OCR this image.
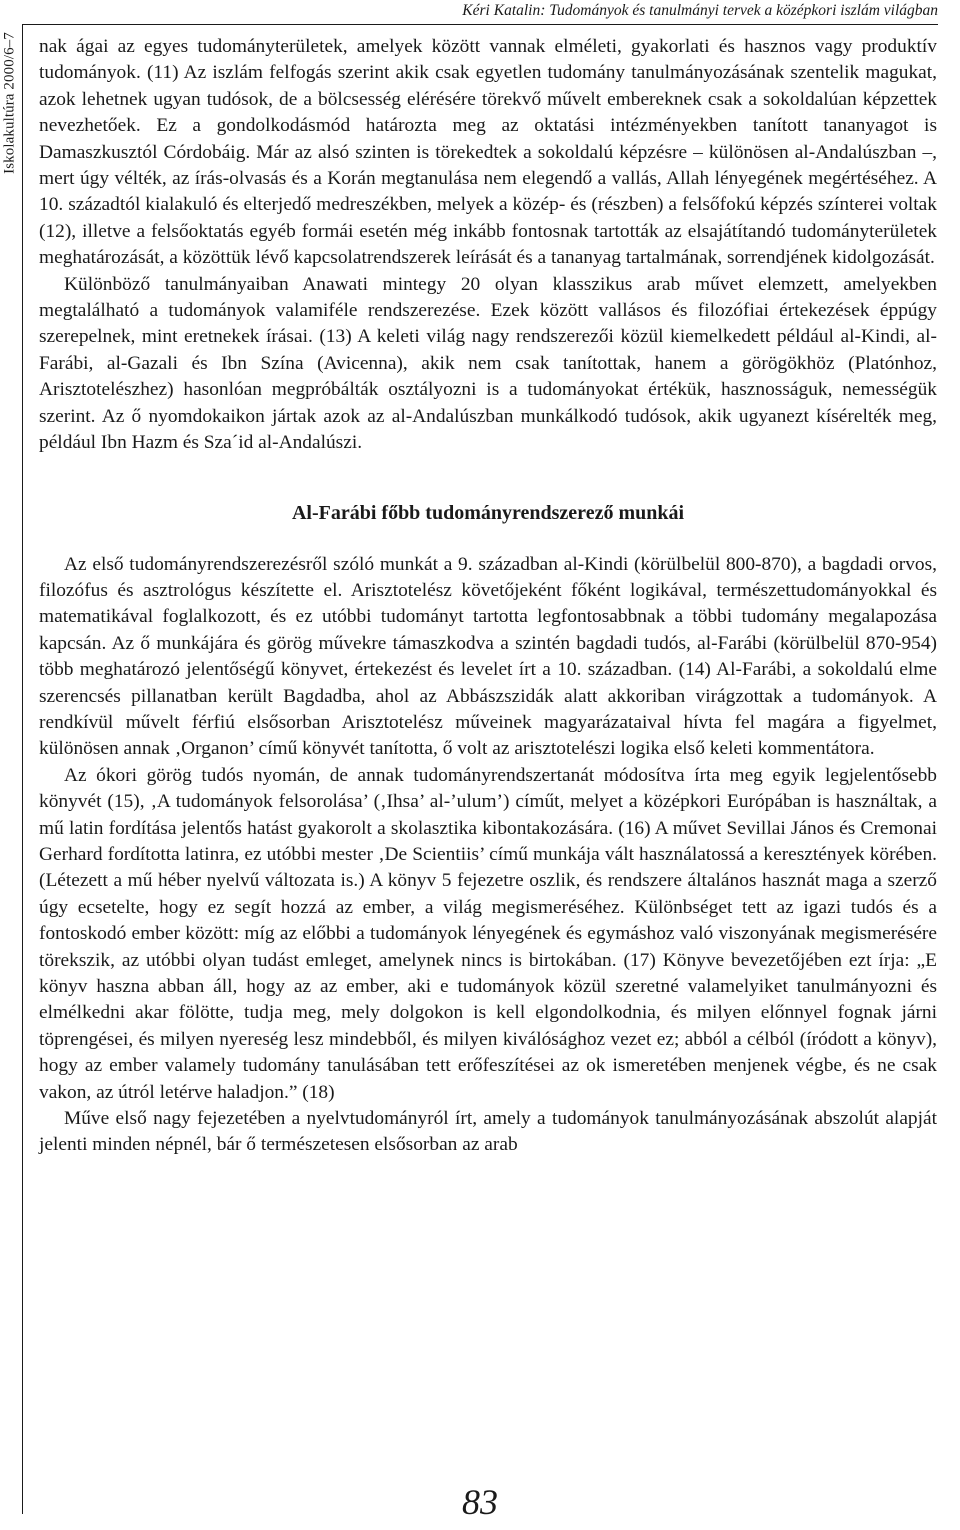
Iskolakultúra 2000/6–7
Kéri Katalin: Tudományok és tanulmányi tervek a középkori iszlám világban

nak ágai az egyes tudományterületek, amelyek között vannak elméleti, gyakorlati és hasznos vagy produktív tudományok. (11) Az iszlám felfogás szerint akik csak egyetlen tudomány tanulmányozásának szentelik magukat, azok lehetnek ugyan tudósok, de a bölcsesség elérésére törekvő művelt embereknek csak a sokoldalúan képzettek nevezhetőek. Ez a gondolkodásmód határozta meg az oktatási intézményekben tanított tananyagot is Damaszkusztól Córdobáig. Már az alsó szinten is törekedtek a sokoldalú képzésre – különösen al-Andalúszban –, mert úgy vélték, az írás-olvasás és a Korán megtanulása nem elegendő a vallás, Allah lényegének megértéséhez. A 10. századtól kialakuló és elterjedő medreszékben, melyek a közép- és (részben) a felsőfokú képzés színterei voltak (12), illetve a felsőoktatás egyéb formái esetén még inkább fontosnak tartották az elsajátítandó tudományterületek meghatározását, a közöttük lévő kapcsolatrendszerek leírását és a tananyag tartalmának, sorrendjének kidolgozását.

Különböző tanulmányaiban Anawati mintegy 20 olyan klasszikus arab művet elemzett, amelyekben megtalálható a tudományok valamiféle rendszerezése. Ezek között vallásos és filozófiai értekezések éppúgy szerepelnek, mint eretnekek írásai. (13) A keleti világ nagy rendszerezői közül kiemelkedett például al-Kindi, al-Farábi, al-Gazali és Ibn Szína (Avicenna), akik nem csak tanítottak, hanem a görögökhöz (Platónhoz, Arisztotelészhez) hasonlóan megpróbálták osztályozni is a tudományokat értékük, hasznosságuk, nemességük szerint. Az ő nyomdokaikon jártak azok az al-Andalúszban munkálkodó tudósok, akik ugyanezt kísérelték meg, például Ibn Hazm és Sza´id al-Andalúszi.

Al-Farábi főbb tudományrendszerező munkái

Az első tudományrendszerezésről szóló munkát a 9. században al-Kindi (körülbelül 800-870), a bagdadi orvos, filozófus és asztrológus készítette el. Arisztotelész követőjeként főként logikával, természettudományokkal és matematikával foglalkozott, és ez utóbbi tudományt tartotta legfontosabbnak a többi tudomány megalapozása kapcsán. Az ő munkájára és görög művekre támaszkodva a szintén bagdadi tudós, al-Farábi (körülbelül 870-954) több meghatározó jelentőségű könyvet, értekezést és levelet írt a 10. században. (14) Al-Farábi, a sokoldalú elme szerencsés pillanatban került Bagdadba, ahol az Abbászszidák alatt akkoriban virágzottak a tudományok. A rendkívül művelt férfiú elsősorban Arisztotelész műveinek magyarázataival hívta fel magára a figyelmet, különösen annak ‚Organon’ című könyvét tanította, ő volt az arisztotelészi logika első keleti kommentátora.

Az ókori görög tudós nyomán, de annak tudományrendszertanát módosítva írta meg egyik legjelentősebb könyvét (15), ‚A tudományok felsorolása’ (‚Ihsa’ al-’ulum’) címűt, melyet a középkori Európában is használtak, a mű latin fordítása jelentős hatást gyakorolt a skolasztika kibontakozására. (16) A művet Sevillai János és Cremonai Gerhard fordította latinra, ez utóbbi mester ‚De Scientiis’ című munkája vált használatossá a keresztények körében. (Létezett a mű héber nyelvű változata is.) A könyv 5 fejezetre oszlik, és rendszere általános hasznát maga a szerző úgy ecsetelte, hogy ez segít hozzá az ember, a világ megismeréséhez. Különbséget tett az igazi tudós és a fontoskodó ember között: míg az előbbi a tudományok lényegének és egymáshoz való viszonyának megismerésére törekszik, az utóbbi olyan tudást emleget, amelynek nincs is birtokában. (17) Könyve bevezetőjében ezt írja: „E könyv haszna abban áll, hogy az az ember, aki e tudományok közül szeretné valamelyiket tanulmányozni és elmélkedni akar fölötte, tudja meg, mely dolgokon is kell elgondolkodnia, és milyen előnnyel fognak járni töprengései, és milyen nyereség lesz mindebből, és milyen kiválósághoz vezet ez; abból a célból (íródott a könyv), hogy az ember valamely tudomány tanulásában tett erőfeszítései az ok ismeretében menjenek végbe, és ne csak vakon, az útról letérve haladjon.” (18)

Műve első nagy fejezetében a nyelvtudományról írt, amely a tudományok tanulmányozásának abszolút alapját jelenti minden népnél, bár ő természetesen elsősorban az arab

83
